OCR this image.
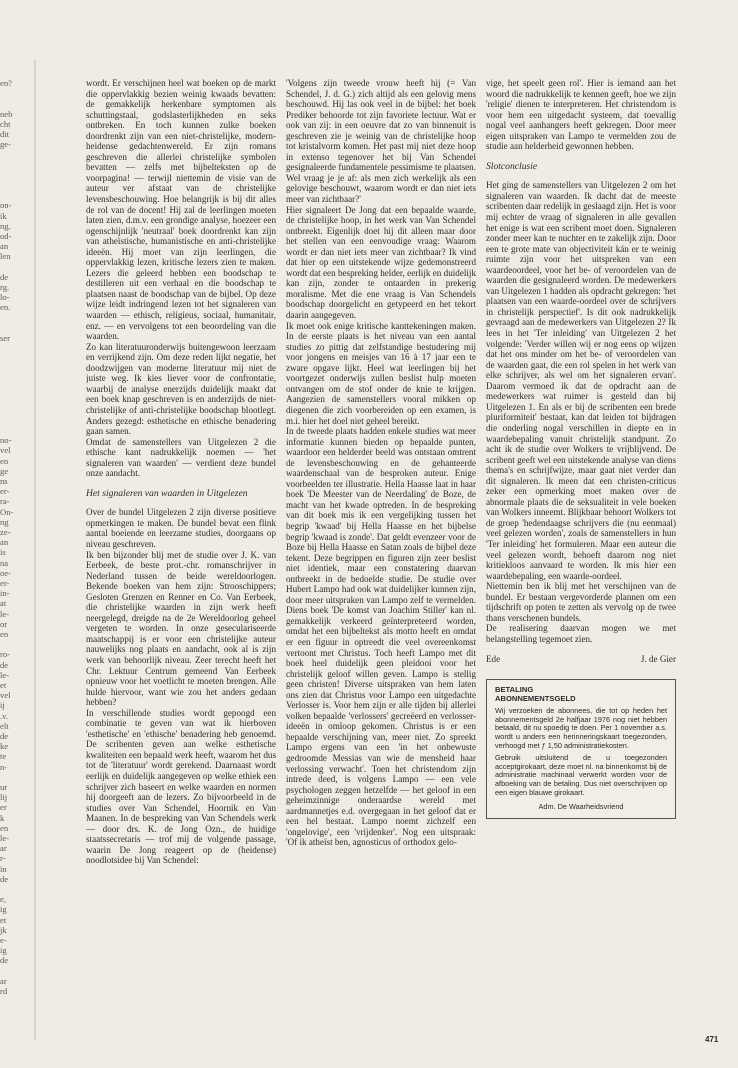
en?

neb
cht
dit
ge-

on-
ik
ng.
od-
an
len

de
rg.
lo-
en.

ser

no-
vel
en
ge
ns
er-
ra-
On-
ng
ze-
an
is
na
oe-
er-
in-
at
le-
or
en

ro-
de
le-
et
vel
ij
.v.
elt
de
ke
te
n-

ur
lij
er
k
en
le-
ar
r-
in
de

e,
ig
et
jk
e-
ig
de

ar
rd

wordt. Er verschijnen heel wat boeken op de markt die oppervlakkig bezien weinig kwaads bevatten: de gemakkelijk herkenbare symptomen als schuttingstaal, godslasterlijkheden en seks ontbreken. En toch kunnen zulke boeken doordrenkt zijn van een niet-christelijke, modern-heidense gedachtenwereld. Er zijn romans geschreven die allerlei christelijke symbolen bevatten — zelfs met bijbelteksten op de voorpagina! — terwijl niettemin de visie van de auteur ver afstaat van de christelijke levensbeschouwing. Hoe belangrijk is bij dit alles de rol van de docent! Hij zal de leerlingen moeten laten zien, d.m.v. een grondige analyse, hoezeer een ogenschijnlijk 'neutraal' boek doordrenkt kan zijn van atheïstische, humanistische en anti-christelijke ideeën. Hij moet van zijn leerlingen, die oppervlakkig lezen, kritische lezers zien te maken. Lezers die geleerd hebben een boodschap te destilleren uit een verhaal en die boodschap te plaatsen naast de boodschap van de bijbel. Op deze wijze leidt indringend lezen tot het signaleren van waarden — ethisch, religieus, sociaal, humanitair, enz. — en vervolgens tot een beoordeling van die waarden.

Zo kan literatuuronderwijs buitengewoon leerzaam en verrijkend zijn. Om deze reden lijkt negatie, het doodzwijgen van moderne literatuur mij niet de juiste weg. Ik kies liever voor de confrontatie, waarbij de analyse enerzijds duidelijk maakt dat een boek knap geschreven is en anderzijds de niet-christelijke of anti-christelijke boodschap blootlegt. Anders gezegd: esthetische en ethische benadering gaan samen.

Omdat de samenstellers van Uitgelezen 2 die ethische kant nadrukkelijk noemen — 'het signaleren van waarden' — verdient deze bundel onze aandacht.

Het signaleren van waarden in Uitgelezen

Over de bundel Uitgelezen 2 zijn diverse positieve opmerkingen te maken. De bundel bevat een flink aantal boeiende en leerzame studies, doorgaans op niveau geschreven.

Ik ben bijzonder blij met de studie over J. K. van Eerbeek, de beste prot.-chr. romanschrijver in Nederland tussen de beide wereldoorlogen. Bekende boeken van hem zijn: Strooschippers; Gesloten Grenzen en Renner en Co. Van Eerbeek, die christelijke waarden in zijn werk heeft neergelegd, dreigde na de 2e Wereldoorlog geheel vergeten te worden. In onze geseculariseerde maatschappij is er voor een christelijke auteur nauwelijks nog plaats en aandacht, ook al is zijn werk van behoorlijk niveau. Zeer terecht heeft het Chr. Lektuur Centrum gemeend Van Eerbeek opnieuw voor het voetlicht te moeten brengen. Alle hulde hiervoor, want wie zou het anders gedaan hebben?

In verschillende studies wordt gepoogd een combinatie te geven van wat ik hierboven 'esthetische' en 'ethische' benadering heb genoemd. De scribenten geven aan welke esthetische kwaliteiten een bepaald werk heeft, waarom het dus tot de 'literatuur' wordt gerekend. Daarnaast wordt eerlijk en duidelijk aangegeven op welke ethiek een schrijver zich baseert en welke waarden en normen hij doorgeeft aan de lezers. Zo bijvoorbeeld in de studies over Van Schendel, Hoornik en Van Maanen. In de bespreking van Van Schendels werk — door drs. K. de Jong Ozn., de huidige staatssecretaris — trof mij de volgende passage, waarin De Jong reageert op de (heidense) noodlotsidee bij Van Schendel:

'Volgens zijn tweede vrouw heeft hij (= Van Schendel, J. d. G.) zich altijd als een gelovig mens beschouwd. Hij las ook veel in de bijbel: het boek Prediker behoorde tot zijn favoriete lectuur. Wat er ook van zij: in een oeuvre dat zo van binnenuit is geschreven zie je weinig van de christelijke hoop tot kristalvorm komen. Het past mij niet deze hoop in extenso tegenover het bij Van Schendel gesignaleerde fundamentele pessimisme te plaatsen. Wel vraag je je af: als men zich werkelijk als een gelovige beschouwt, waarom wordt er dan niet iets meer van zichtbaar?'

Hier signaleert De Jong dat een bepaalde waarde, de christelijke hoop, in het werk van Van Schendel ontbreekt. Eigenlijk doet hij dit alleen maar door het stellen van een eenvoudige vraag: Waarom wordt er dan niet iets meer van zichtbaar? Ik vind dat hier op een uitstekende wijze gedemonstreerd wordt dat een bespreking helder, eerlijk en duidelijk kan zijn, zonder te ontaarden in prekerig moralisme. Met die ene vraag is Van Schendels boodschap doorgelicht en getypeerd en het tekort daarin aangegeven.

Ik moet ook enige kritische kanttekeningen maken. In de eerste plaats is het niveau van een aantal studies zo pittig dat zelfstandige bestudering mij voor jongens en meisjes van 16 à 17 jaar een te zware opgave lijkt. Heel wat leerlingen bij het voortgezet onderwijs zullen beslist hulp moeten ontvangen om de stof onder de knie te krijgen. Aangezien de samenstellers vooral mikken op diegenen die zich voorbereiden op een examen, is m.i. hier het doel niet geheel bereikt.

In de tweede plaats hadden enkele studies wat meer informatie kunnen bieden op bepaalde punten, waardoor een helderder beeld was ontstaan omtrent de levensbeschouwing en de gehanteerde waardenschaal van de besproken auteur. Enige voorbeelden ter illustratie. Hella Haasse laat in haar boek 'De Meester van de Neerdaling' de Boze, de macht van het kwade optreden. In de bespreking van dit boek mis ik een vergelijking tussen het begrip 'kwaad' bij Hella Haasse en het bijbelse begrip 'kwaad is zonde'. Dat geldt evenzeer voor de Boze bij Hella Haasse en Satan zoals de bijbel deze tekent. Deze begrippen en figuren zijn zeer beslist niet identiek, maar een constatering daarvan ontbreekt in de bedoelde studie. De studie over Hubert Lampo had ook wat duidelijker kunnen zijn, door meer uitspraken van Lampo zelf te vermelden. Diens boek 'De komst van Joachim Stiller' kan nl. gemakkelijk verkeerd geïnterpreteerd worden, omdat het een bijbeltekst als motto heeft en omdat er een figuur in optreedt die veel overeenkomst vertoont met Christus. Toch heeft Lampo met dit boek heel duidelijk geen pleidooi voor het christelijk geloof willen geven. Lampo is stellig geen christen! Diverse uitspraken van hem laten ons zien dat Christus voor Lampo een uitgedachte Verlosser is. Voor hem zijn er alle tijden bij allerlei volken bepaalde 'verlossers' gecreëerd en verlosser-ideeën in omloop gekomen. Christus is er een bepaalde verschijning van, meer niet. Zo spreekt Lampo ergens van een 'in het onbewuste gedroomde Messias van wie de mensheid haar verlossing verwacht'. Toen het christendom zijn intrede deed, is volgens Lampo — een vele psychologen zeggen hetzelfde — het geloof in een geheimzinnige onderaardse wereld met aardmannetjes e.d. overgegaan in het geloof dat er een hel bestaat. Lampo noemt zichzelf een 'ongelovige', een 'vrijdenker'. Nog een uitspraak: 'Of ik atheïst ben, agnosticus of orthodox gelo-

vige, het speelt geen rol'. Hier is iemand aan het woord die nadrukkelijk te kennen geeft, hoe we zijn 'religie' dienen te interpreteren. Het christendom is voor hem een uitgedacht systeem, dat toevallig nogal veel aanhangers heeft gekregen. Door meer eigen uitspraken van Lampo te vermelden zou de studie aan helderheid gewonnen hebben.

Slotconclusie

Het ging de samenstellers van Uitgelezen 2 om het signaleren van waarden. Ik dacht dat de meeste scribenten daar redelijk in geslaagd zijn. Het is voor mij echter de vraag of signaleren in alle gevallen het enige is wat een scribent moet doen. Signaleren zonder meer kan te nuchter en te zakelijk zijn. Door een te grote mate van objectiviteit kán er te weinig ruimte zijn voor het uitspreken van een waardeoordeel, voor het be- of veroordelen van de waarden die gesignaleerd worden. De medewerkers van Uitgelezen 1 hadden als opdracht gekregen: 'het plaatsen van een waarde-oordeel over de schrijvers in christelijk perspectief'. Is dit ook nadrukkelijk gevraagd aan de medewerkers van Uitgelezen 2? Ik lees in het 'Ter inleiding' van Uitgelezen 2 het volgende: 'Verder willen wij er nog eens op wijzen dat het ons minder om het be- of veroordelen van de waarden gaat, die een rol spelen in het werk van elke schrijver, als wel om het signaleren ervan'. Daarom vermoed ik dat de opdracht aan de medewerkers wat ruimer is gesteld dan bij Uitgelezen 1. En als er bij de scribenten een brede pluriformiteit' bestaat, kan dat leiden tot bijdragen die onderling nogal verschillen in diepte en in waardebepaling vanuit christelijk standpunt. Zo acht ik de studie over Wolkers te vrijblijvend. De scribent geeft wel een uitstekende analyse van diens thema's en schrijfwijze, maar gaat niet verder dan dit signaleren. Ik meen dat een christen-criticus zeker een opmerking moet maken over de abnormale plaats die de seksualiteit in vele boeken van Wolkers inneemt. Blijkbaar behoort Wolkers tot de groep 'hedendaagse schrijvers die (nu eenmaal) veel gelezen worden', zoals de samenstellers in hun 'Ter inleiding' het formuleren. Maar een auteur die veel gelezen wordt, behoeft daarom nog niet kritiekloos aanvaard te worden. Ik mis hier een waardebepaling, een waarde-oordeel.

Niettemin ben ik blij met het verschijnen van de bundel. Er bestaan vergevorderde plannen om een tijdschrift op poten te zetten als vervolg op de twee thans verschenen bundels.

De realisering daarvan mogen we met belangstelling tegemoet zien.

Ede	J. de Gier
BETALING
ABONNEMENTSGELD

Wij verzoeken de abonnees, die tot op heden het abonnementsgeld 2e halfjaar 1976 nog niet hebben betaald, dit nu spoedig te doen. Per 1 november a.s. wordt u anders een herinneringskaart toegezonden, verhoogd met ƒ 1,50 administratiekosten.

Gebruik uitsluitend de u toegezonden acceptgirokaart, deze moet nl. na binnenkomst bij de administratie machinaal verwerkt worden voor de afboeking van de betaling. Dus niet overschrijven op een eigen blauwe girokaart.

Adm. De Waarheidsvriend
471
